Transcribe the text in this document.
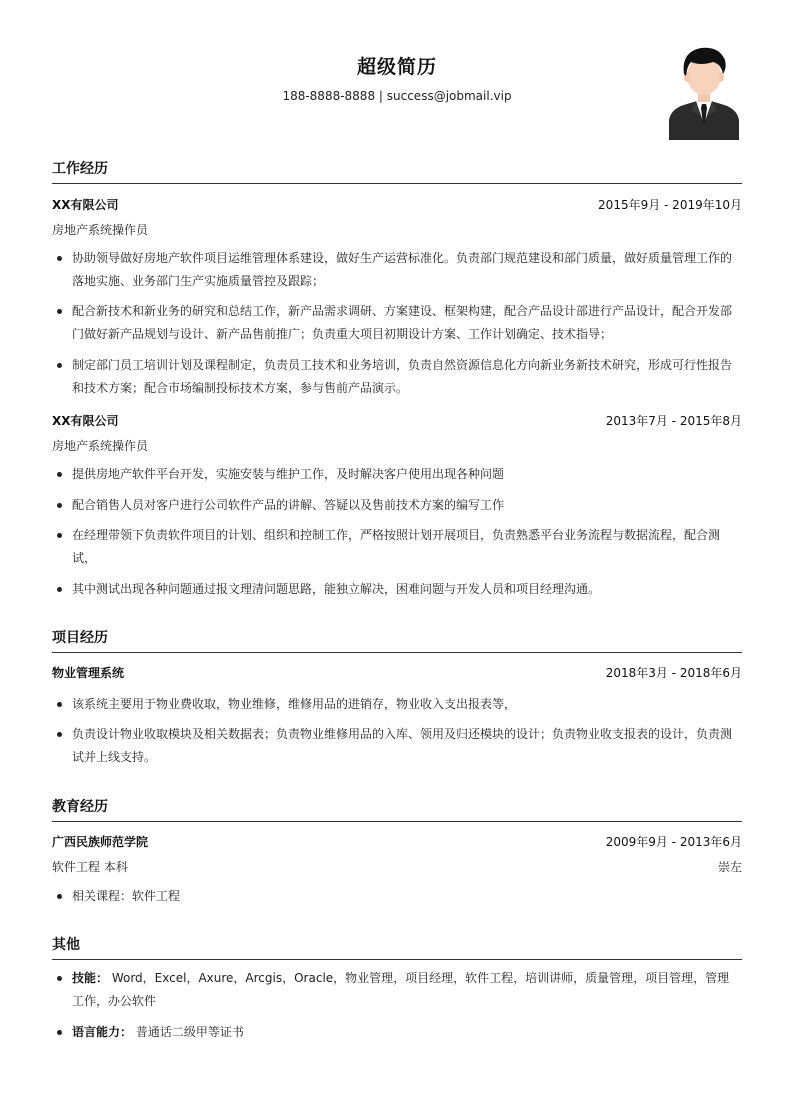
超级简历
188-8888-8888 | success@jobmail.vip
工作经历
XX有限公司	2015年9月 - 2019年10月
房地产系统操作员
协助领导做好房地产软件项目运维管理体系建设，做好生产运营标准化。负责部门规范建设和部门质量，做好质量管理工作的落地实施、业务部门生产实施质量管控及跟踪；
配合新技术和新业务的研究和总结工作，新产品需求调研、方案建设、框架构建，配合产品设计部进行产品设计，配合开发部门做好新产品规划与设计、新产品售前推广；负责重大项目初期设计方案、工作计划确定、技术指导；
制定部门员工培训计划及课程制定，负责员工技术和业务培训，负责自然资源信息化方向新业务新技术研究，形成可行性报告和技术方案；配合市场编制投标技术方案，参与售前产品演示。
XX有限公司	2013年7月 - 2015年8月
房地产系统操作员
提供房地产软件平台开发，实施安装与维护工作，及时解决客户使用出现各种问题
配合销售人员对客户进行公司软件产品的讲解、答疑以及售前技术方案的编写工作
在经理带领下负责软件项目的计划、组织和控制工作，严格按照计划开展项目，负责熟悉平台业务流程与数据流程，配合测试，
其中测试出现各种问题通过报文理清问题思路，能独立解决，困难问题与开发人员和项目经理沟通。
项目经历
物业管理系统	2018年3月 - 2018年6月
该系统主要用于物业费收取，物业维修，维修用品的进销存，物业收入支出报表等，
负责设计物业收取模块及相关数据表；负责物业维修用品的入库、领用及归还模块的设计；负责物业收支报表的设计，负责测试并上线支持。
教育经历
广西民族师范学院	2009年9月 - 2013年6月
软件工程 本科	崇左
相关课程：软件工程
其他
技能： Word，Excel，Axure，Arcgis，Oracle，物业管理，项目经理，软件工程，培训讲师，质量管理，项目管理，管理工作，办公软件
语言能力： 普通话二级甲等证书
